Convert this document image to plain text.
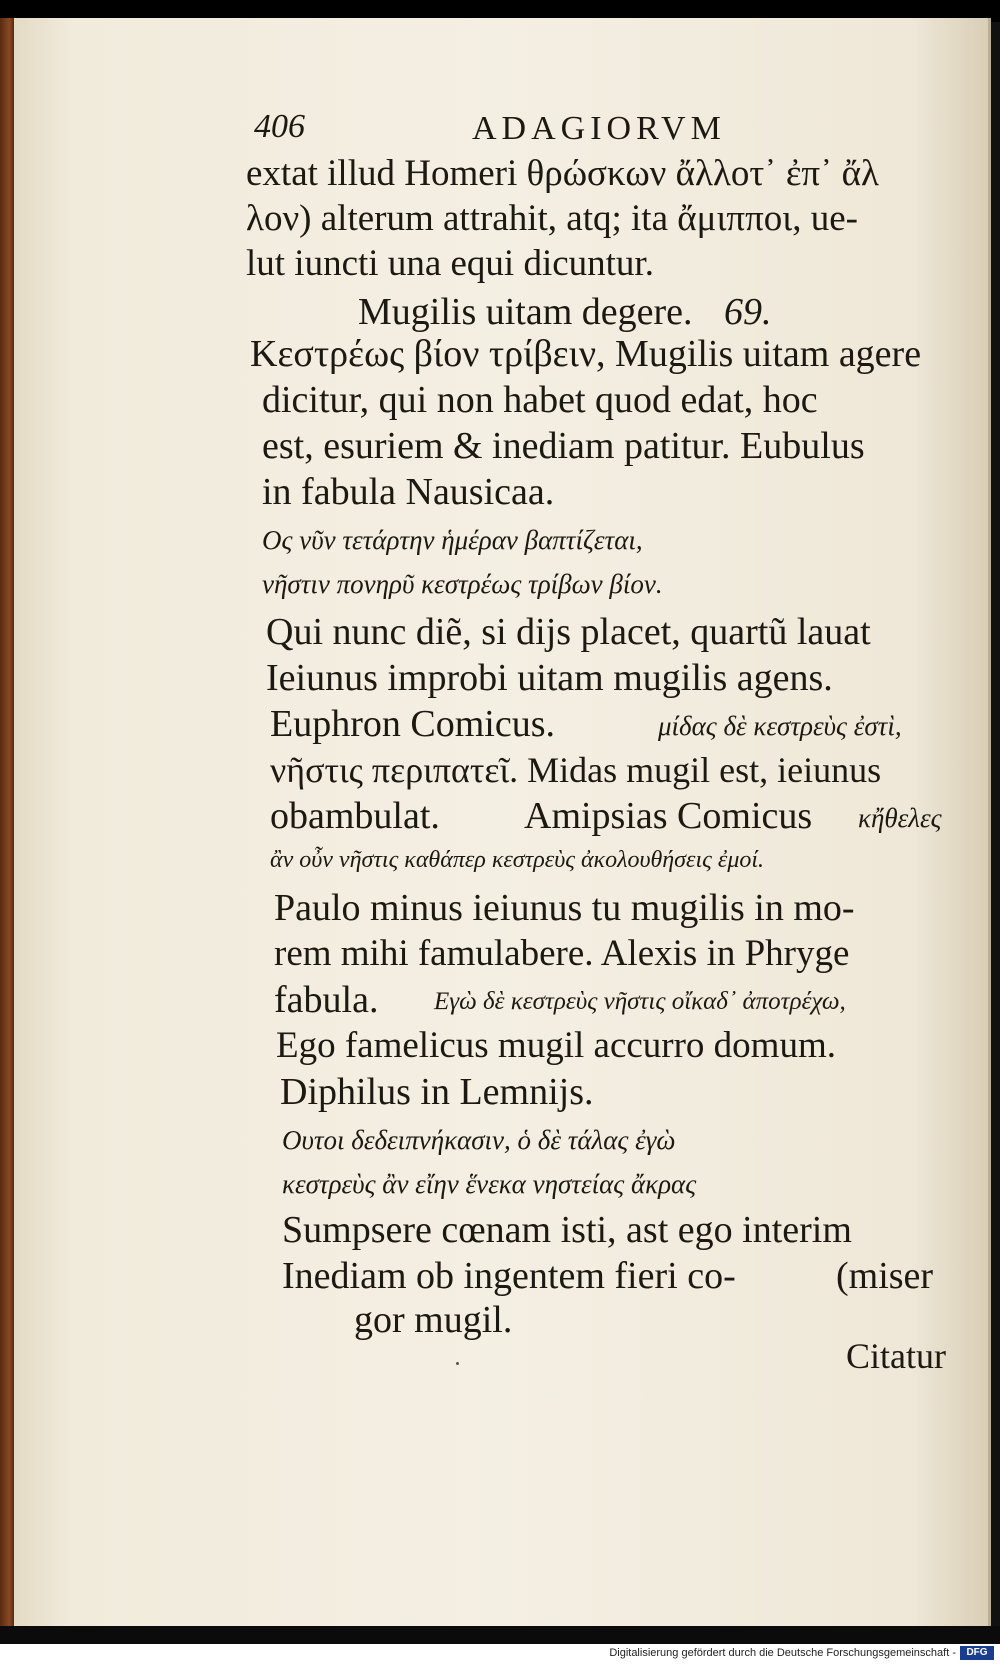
406	ADAGIORVM
extat illud Homeri θρώσκων ἄλλοτ᾽ ἐπ᾽ ἄλ
λον) alterum attrahit, atq; ita ἄμιπποι, ue-
lut iuncti una equi dicuntur.
Mugilis uitam degere. 69.
Κεστρέως βίον τρίβειν, Mugilis uitam agere
dicitur, qui non habet quod edat, hoc
est, esuriem & inediam patitur. Eubulus
in fabula Nausicaa.
Ος νῦν τετάρτην ἡμέραν βαπτίζεται,
νῆστιν πονηρῦ κεστρέως τρίβων βίον.
Qui nunc diẽ, si dijs placet, quartũ lauat
Ieiunus improbi uitam mugilis agens.
Euphron Comicus.	μίδας δὲ κεστρεὺς ἐστὶ,
νῆστις περιπατεῖ. Midas mugil est, ieiunus
obambulat. Amipsias Comicus κἤθελες
ἂν οὖν νῆστις καθάπερ κεστρεὺς ἀκολουθήσεις ἐμοί.
Paulo minus ieiunus tu mugilis in mo-
rem mihi famulabere. Alexis in Phryge
fabula. Εγὼ δὲ κεστρεὺς νῆστις οἴκαδ᾽ ἀποτρέχω,
Ego famelicus mugil accurro domum.
Diphilus in Lemnijs.
Ουτοι δεδειπνήκασιν, ὁ δὲ τάλας ἐγὼ
κεστρεὺς ἂν εἴην ἕνεκα νηστείας ἄκρας
Sumpsere cœnam isti, ast ego interim
Inediam ob ingentem fieri co-	(miser
gor mugil.
Citatur
Digitalisierung gefördert durch die Deutsche Forschungsgemeinschaft -	DFG
